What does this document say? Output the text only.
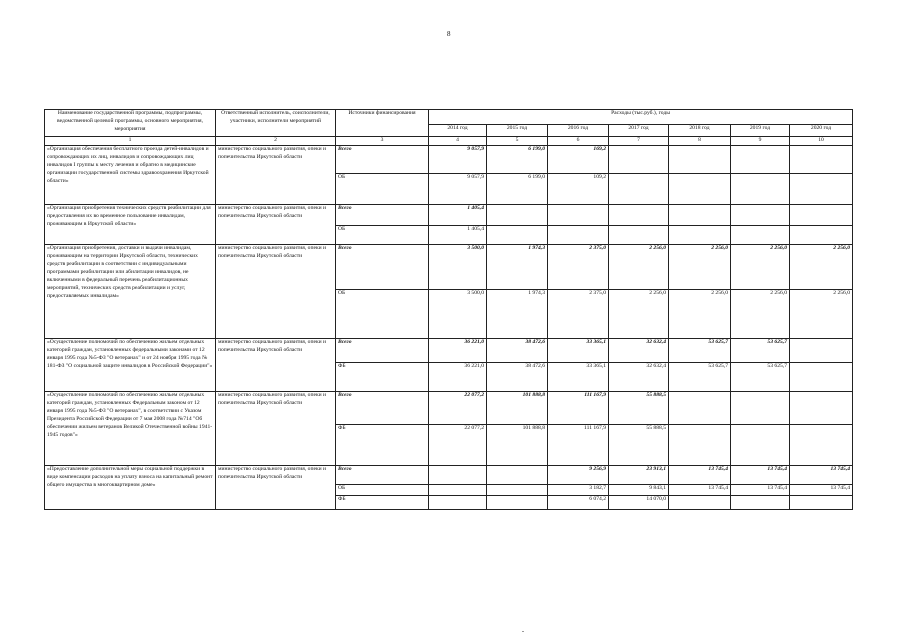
8
Наименование государственной программы, подпрограммы, ведомственной целевой программы, основного мероприятия, мероприятия	Ответственный исполнитель, соисполнители, участники, исполнители мероприятий	Источники финансирования	Расходы (тыс.руб.), годы						
			2014 год	2015 год	2016 год	2017 год	2018 год	2019 год	2020 год
1	2	3	4	5	6	7	8	9	10
«Организация обеспечения бесплатного проезда детей-инвалидов и сопровождающих их лиц, инвалидов и сопровождающих лиц инвалидов I группы к месту лечения и обратно в медицинские организации государственной системы здравоохранения Иркутской области»	министерство социального развития, опеки и попечительства Иркутской области	Всего	9 057,9	6 199,0	169,2				
		ОБ	9 057,9	6 199,0	109,2				
«Организация приобретения технических средств реабилитации для предоставления их во временное пользование инвалидам, проживающим в Иркутской области»	министерство социального развития, опеки и попечительства Иркутской области	Всего	1 405,4						
		ОБ	1 405,4						
«Организация приобретения, доставки и выдачи инвалидам, проживающим на территории Иркутской области, технических средств реабилитации в соответствии с индивидуальными программами реабилитации или абилитации инвалидов, не включенными в федеральный перечень реабилитационных мероприятий, технических средств реабилитации и услуг, предоставляемых инвалидам»	министерство социального развития, опеки и попечительства Иркутской области	Всего	3 500,0	1 974,3	2 375,0	2 256,0	2 256,0	2 256,0	2 256,0
		ОБ	3 500,0	1 974,3	2 375,0	2 256,0	2 256,0	2 256,0	2 256,0
«Осуществление полномочий по обеспечению жильем отдельных категорий граждан, установленных федеральными законами от 12 января 1995 года №5-ФЗ "О ветеранах" и от 24 ноября 1995 года № 181-ФЗ "О социальной защите инвалидов в Российской Федерации"»	министерство социального развития, опеки и попечительства Иркутской области	Всего	36 221,0	38 472,6	33 365,1	32 632,4	53 625,7	53 625,7	
		ФБ	36 221,0	38 472,6	33 365,1	32 632,4	53 625,7	53 625,7	
«Осуществление полномочий по обеспечению жильем отдельных категорий граждан, установленных Федеральным законом от 12 января 1995 года №5-ФЗ "О ветеранах", в соответствии с Указом Президента Российской Федерации от 7 мая 2008 года №714 "Об обеспечении жильем ветеранов Великой Отечественной войны 1941-1945 годов"»	министерство социального развития, опеки и попечительства Иркутской области	Всего	22 077,2	101 888,8	111 167,9	55 888,5			
		ФБ	22 077,2	101 888,8	111 167,9	55 888,5			
«Предоставление дополнительной меры социальной поддержки в виде компенсации расходов на уплату взноса на капитальный ремонт общего имущества в многоквартирном доме»	министерство социального развития, опеки и попечительства Иркутской области	Всего			9 256,9	23 913,1	13 745,4	13 745,4	13 745,4
		ОБ			3 182,7	9 843,1	13 745,4	13 745,4	13 745,4
		ФБ			6 074,2	14 070,0			
